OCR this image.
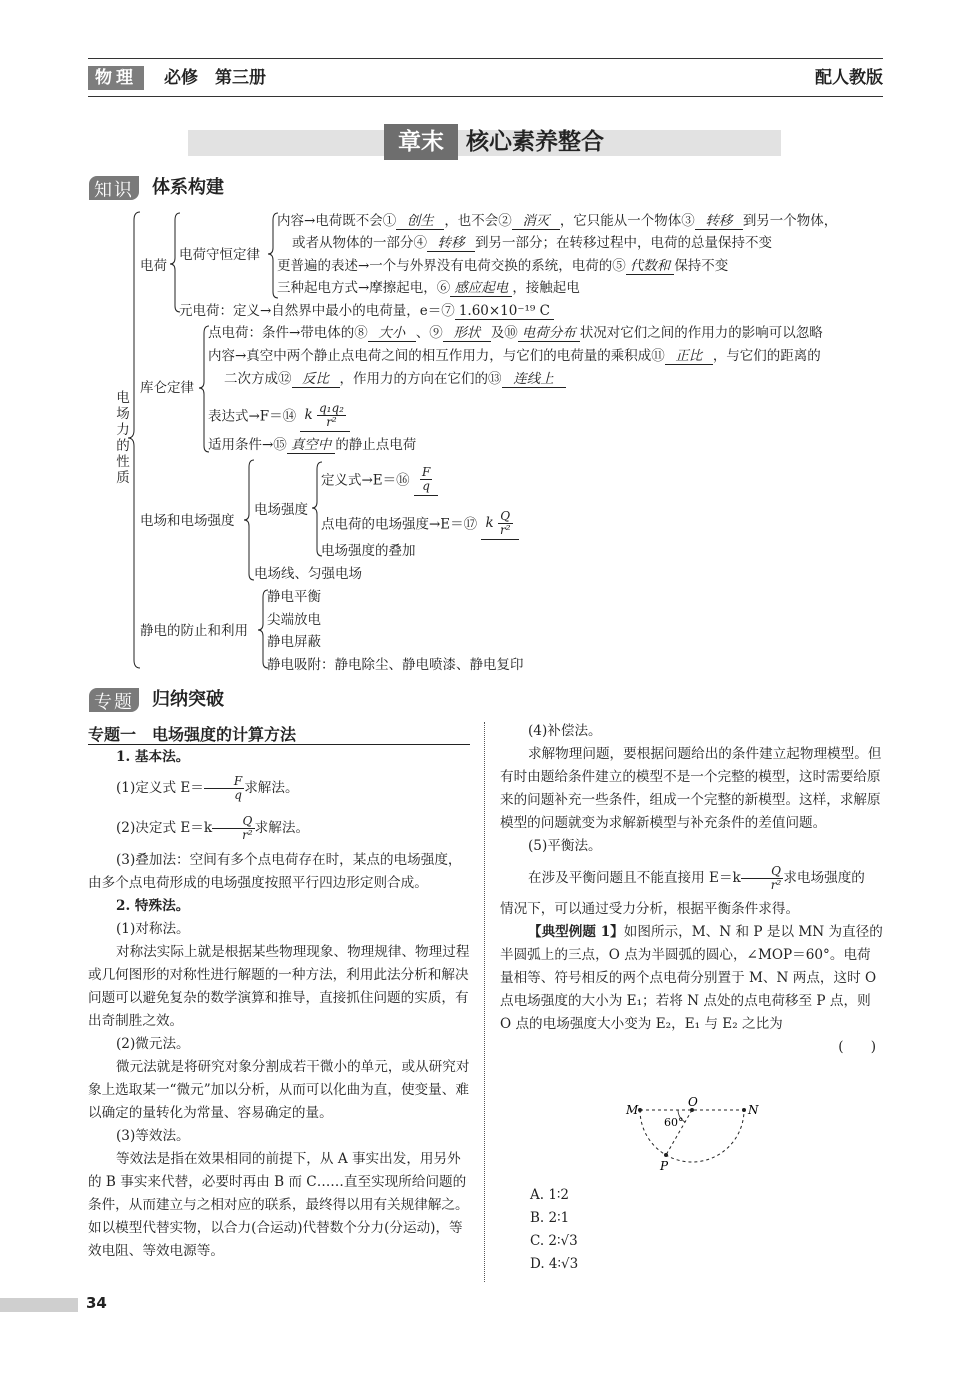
物理	必修　第三册	配人教版
章末 核心素养整合
知识 体系构建
电场力的性质
电荷
电荷守恒定律
内容→电荷既不会① 创生 ，也不会② 消灭 ，它只能从一个物体③ 转移 到另一个物体，
或者从物体的一部分④ 转移 到另一部分；在转移过程中，电荷的总量保持不变
更普遍的表述→一个与外界没有电荷交换的系统，电荷的⑤ 代数和 保持不变
三种起电方式→摩擦起电，⑥ 感应起电 ，接触起电
元电荷：定义→自然界中最小的电荷量，e＝⑦ 1.60×10⁻¹⁹ C
库仑定律
点电荷：条件→带电体的⑧ 大小 、⑨ 形状 及⑩ 电荷分布 状况对它们之间的作用力的影响可以忽略
内容→真空中两个静止点电荷之间的相互作用力，与它们的电荷量的乘积成⑪ 正比 ，与它们的距离的
二次方成⑫ 反比 ，作用力的方向在它们的⑬ 连线上
表达式→F＝⑭ k $\frac{\text{q₁q₂}}{\text{r²}}$
适用条件→⑮ 真空中 的静止点电荷
电场和电场强度
电场强度
定义式→E＝⑯ $\frac{F}{q}$
点电荷的电场强度→E＝⑰ k $\frac{Q}{\text{r²}}$
电场强度的叠加
电场线、匀强电场
静电的防止和利用
静电平衡
尖端放电
静电屏蔽
静电吸附：静电除尘、静电喷漆、静电复印
专题 归纳突破
专题一　电场强度的计算方法

1. 基本法。

(1)定义式 $E= \frac{F}{q}$ 求解法。

(2)决定式 $E=k \frac{Q}{\text{r²}}$ 求解法。

(3)叠加法：空间有多个点电荷存在时，某点的电场强度，由多个点电荷形成的电场强度按照平行四边形定则合成。

2. 特殊法。

(1)对称法。

对称法实际上就是根据某些物理现象、物理规律、物理过程或几何图形的对称性进行解题的一种方法，利用此法分析和解决问题可以避免复杂的数学演算和推导，直接抓住问题的实质，有出奇制胜之效。

(2)微元法。

微元法就是将研究对象分割成若干微小的单元，或从研究对象上选取某一“微元”加以分析，从而可以化曲为直，使变量、难以确定的量转化为常量、容易确定的量。

(3)等效法。

等效法是指在效果相同的前提下，从 A 事实出发，用另外的 B 事实来代替，必要时再由 B 而 C……直至实现所给问题的条件，从而建立与之相对应的联系，最终得以用有关规律解之。如以模型代替实物，以合力(合运动)代替数个分力(分运动)，等效电阻、等效电源等。

(4)补偿法。

求解物理问题，要根据问题给出的条件建立起物理模型。但有时由题给条件建立的模型不是一个完整的模型，这时需要给原来的问题补充一些条件，组成一个完整的新模型。这样，求解原模型的问题就变为求解新模型与补充条件的差值问题。

(5)平衡法。

在涉及平衡问题且不能直接用 $E=k \frac{Q}{\text{r²}}$ 求电场强度的

情况下，可以通过受力分析，根据平衡条件求得。

【典型例题 1】如图所示，M、N 和 P 是以 MN 为直径的半圆弧上的三点，O 点为半圆弧的圆心，∠MOP＝60°。电荷量相等、符号相反的两个点电荷分别置于 M、N 两点，这时 O 点电场强度的大小为 E₁；若将 N 点处的点电荷移至 P 点，则 O 点的电场强度大小变为 E₂，E₁ 与 E₂ 之比为

(　　)

M
O
N
P
60°
A. 1∶2
B. 2∶1
C. 2∶√3
D. 4∶√3
34
